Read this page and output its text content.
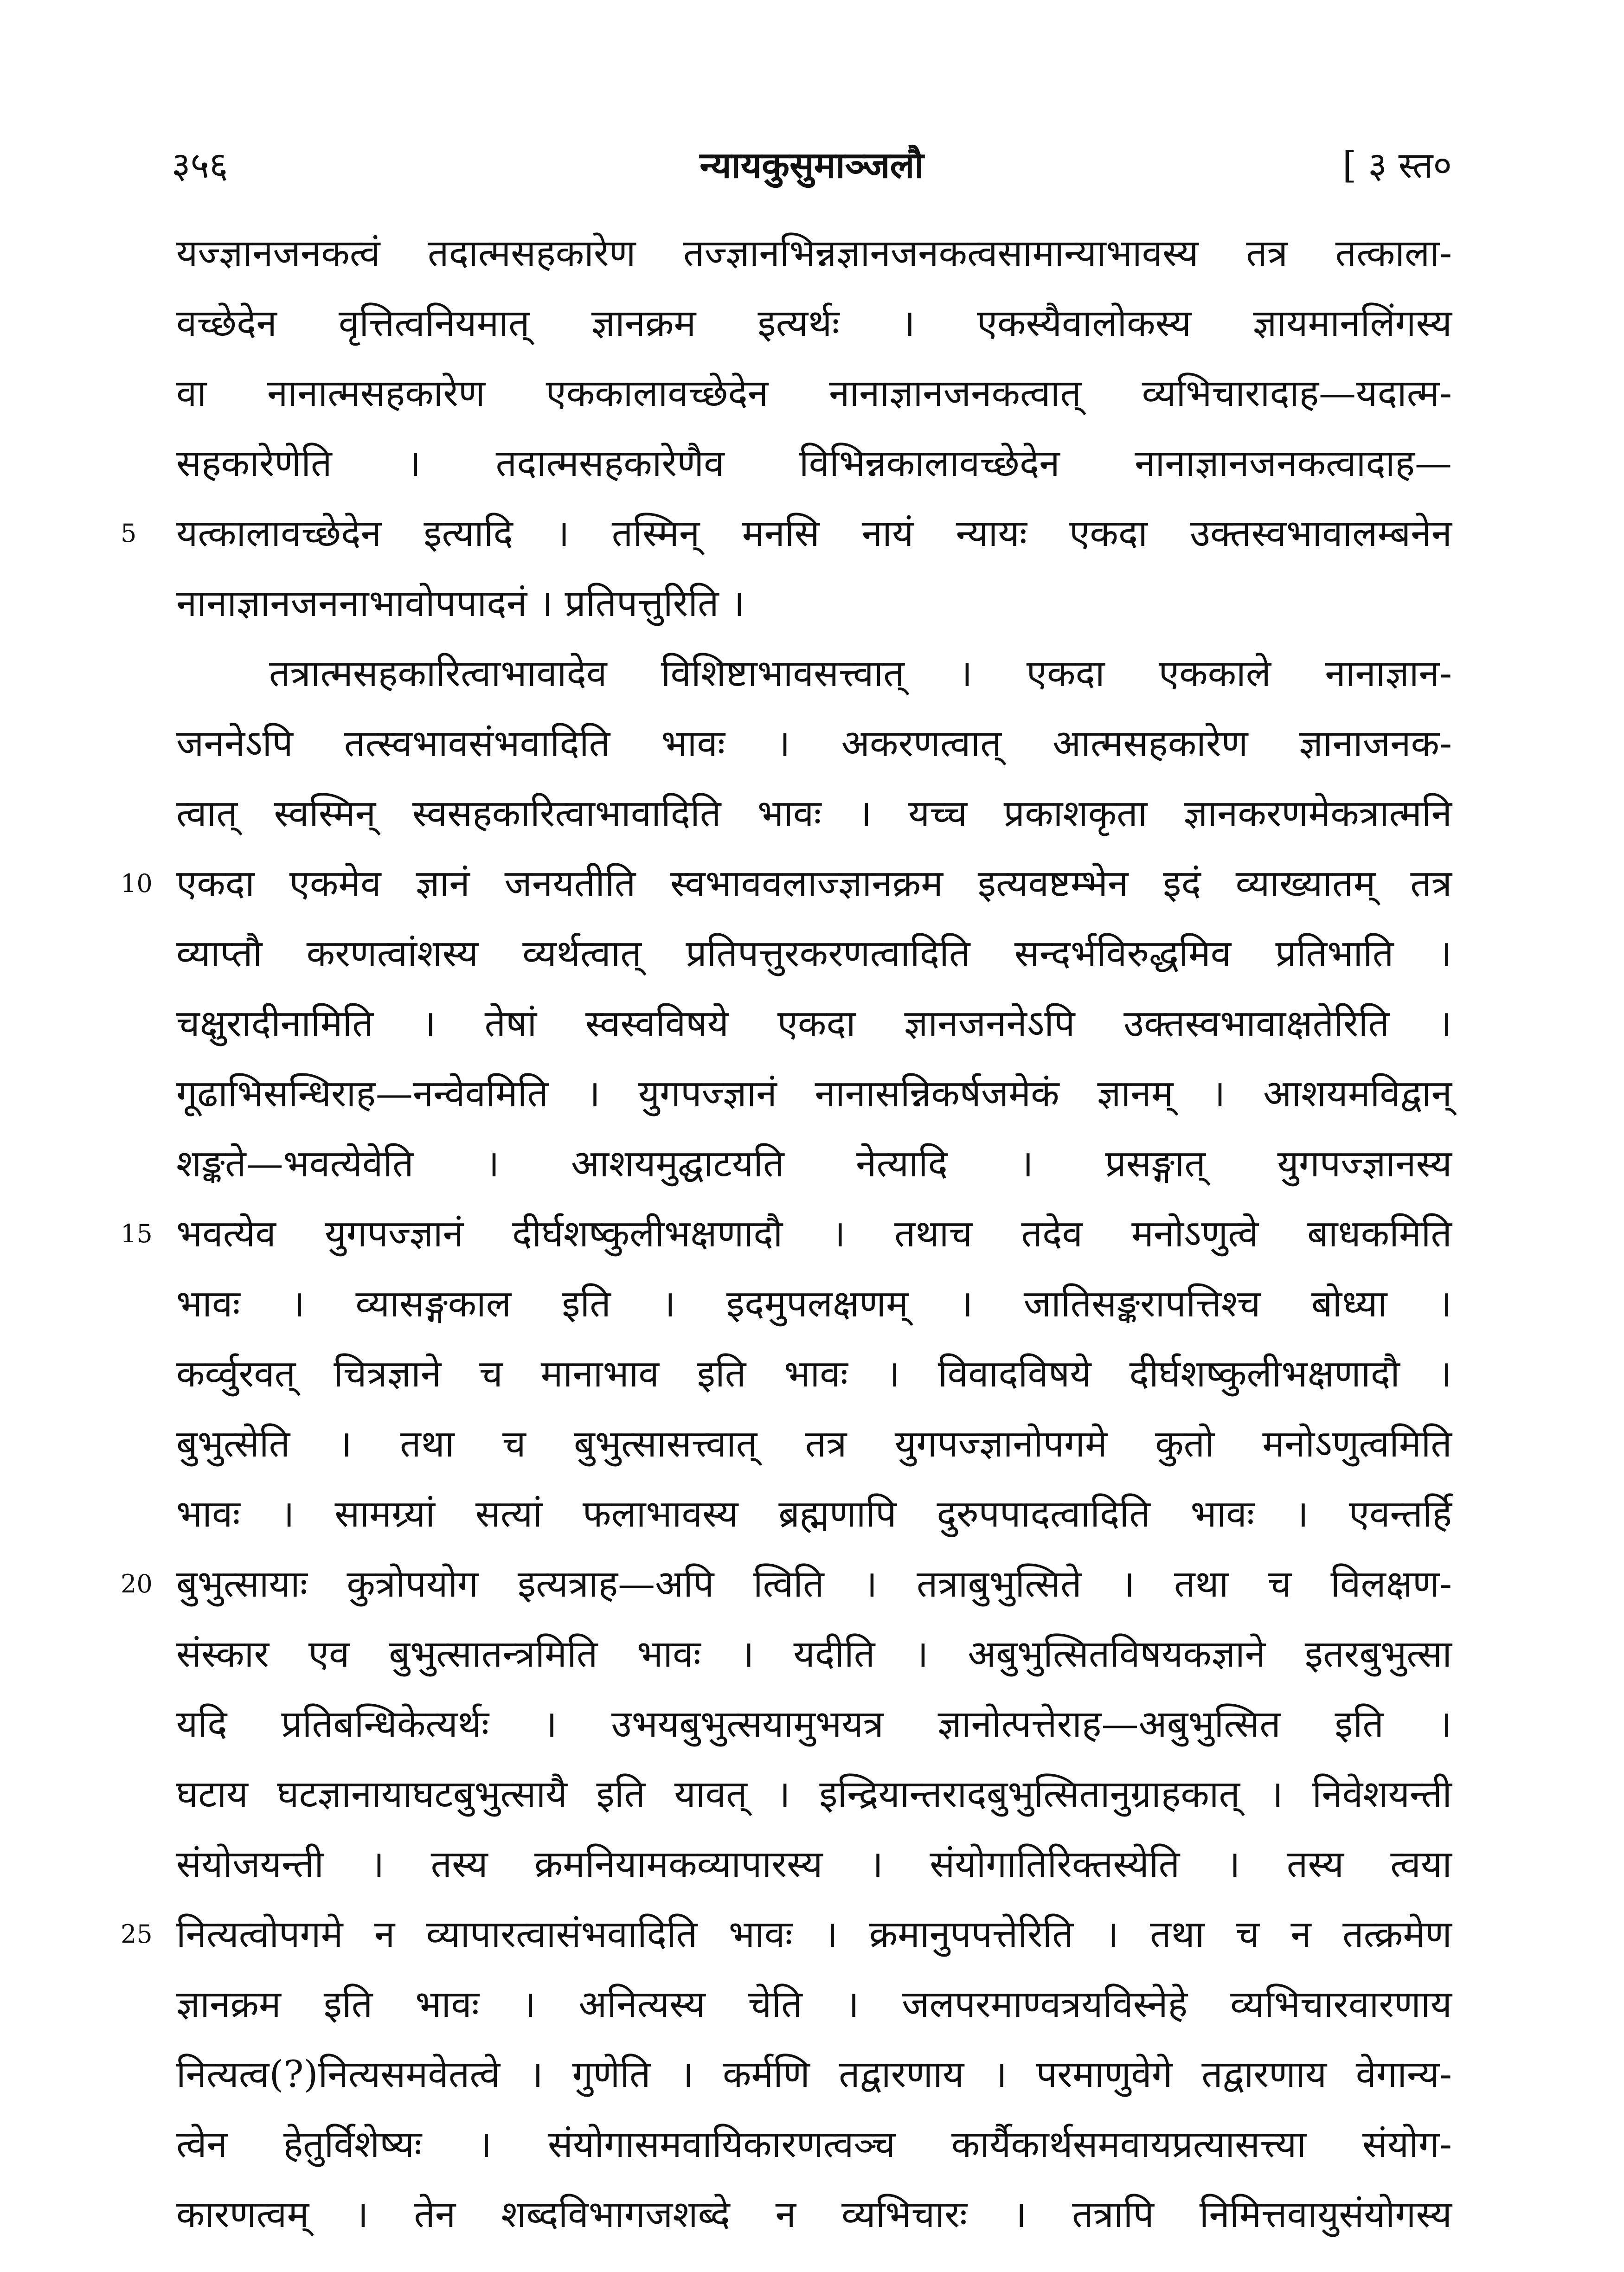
३५६	न्यायकुसुमाञ्जलौ	[ ३ स्त०
यज्ज्ञानजनकत्वं तदात्मसहकारेण तज्ज्ञानभिन्नज्ञानजनकत्वसामान्याभावस्य तत्र तत्काला-
वच्छेदेन वृत्तित्वनियमात् ज्ञानक्रम इत्यर्थः । एकस्यैवालोकस्य ज्ञायमानलिंगस्य
वा नानात्मसहकारेण एककालावच्छेदेन नानाज्ञानजनकत्वात् व्यभिचारादाह—यदात्म-
सहकारेणेति । तदात्मसहकारेणैव विभिन्नकालावच्छेदेन नानाज्ञानजनकत्वादाह—
5	यत्कालावच्छेदेन इत्यादि । तस्मिन् मनसि नायं न्यायः एकदा उक्तस्वभावालम्बनेन
नानाज्ञानजननाभावोपपादनं । प्रतिपत्तुरिति ।
तत्रात्मसहकारित्वाभावादेव विशिष्टाभावसत्त्वात् । एकदा एककाले नानाज्ञान-
जननेऽपि तत्स्वभावसंभवादिति भावः । अकरणत्वात् आत्मसहकारेण ज्ञानाजनक-
त्वात् स्वस्मिन् स्वसहकारित्वाभावादिति भावः । यच्च प्रकाशकृता ज्ञानकरणमेकत्रात्मनि
10 एकदा एकमेव ज्ञानं जनयतीति स्वभाववलाज्ज्ञानक्रम इत्यवष्टम्भेन इदं व्याख्यातम् तत्र
व्याप्तौ करणत्वांशस्य व्यर्थत्वात् प्रतिपत्तुरकरणत्वादिति सन्दर्भविरुद्धमिव प्रतिभाति ।
चक्षुरादीनामिति । तेषां स्वस्वविषये एकदा ज्ञानजननेऽपि उक्तस्वभावाक्षतेरिति ।
गूढाभिसन्धिराह—नन्वेवमिति । युगपज्ज्ञानं नानासन्निकर्षजमेकं ज्ञानम् । आशयमविद्वान्
शङ्कते—भवत्येवेति । आशयमुद्घाटयति नेत्यादि । प्रसङ्गात् युगपज्ज्ञानस्य
15 भवत्येव युगपज्ज्ञानं दीर्घशष्कुलीभक्षणादौ । तथाच तदेव मनोऽणुत्वे बाधकमिति
भावः । व्यासङ्गकाल इति । इदमुपलक्षणम् । जातिसङ्करापत्तिश्च बोध्या ।
कर्व्वुरवत् चित्रज्ञाने च मानाभाव इति भावः । विवादविषये दीर्घशष्कुलीभक्षणादौ ।
बुभुत्सेति । तथा च बुभुत्सासत्त्वात् तत्र युगपज्ज्ञानोपगमे कुतो मनोऽणुत्वमिति
भावः । सामग्र्यां सत्यां फलाभावस्य ब्रह्मणापि दुरुपपादत्वादिति भावः । एवन्तर्हि
20 बुभुत्सायाः कुत्रोपयोग इत्यत्राह—अपि त्विति । तत्राबुभुत्सिते । तथा च विलक्षण-
संस्कार एव बुभुत्सातन्त्रमिति भावः । यदीति । अबुभुत्सितविषयकज्ञाने इतरबुभुत्सा
यदि प्रतिबन्धिकेत्यर्थः । उभयबुभुत्सयामुभयत्र ज्ञानोत्पत्तेराह—अबुभुत्सित इति ।
घटाय घटज्ञानायाघटबुभुत्सायै इति यावत् । इन्द्रियान्तरादबुभुत्सितानुग्राहकात् । निवेशयन्ती
संयोजयन्ती । तस्य क्रमनियामकव्यापारस्य । संयोगातिरिक्तस्येति । तस्य त्वया
25 नित्यत्वोपगमे न व्यापारत्वासंभवादिति भावः । क्रमानुपपत्तेरिति । तथा च न तत्क्रमेण
ज्ञानक्रम इति भावः । अनित्यस्य चेति । जलपरमाण्वत्रयविस्नेहे व्यभिचारवारणाय
नित्यत्व(?)नित्यसमवेतत्वे । गुणेति । कर्मणि तद्वारणाय । परमाणुवेगे तद्वारणाय वेगान्य-
त्वेन हेतुर्विशेष्यः । संयोगासमवायिकारणत्वञ्च कार्यैकार्थसमवायप्रत्यासत्त्या संयोग-
कारणत्वम् । तेन शब्दविभागजशब्दे न व्यभिचारः । तत्रापि निमित्तवायुसंयोगस्य
